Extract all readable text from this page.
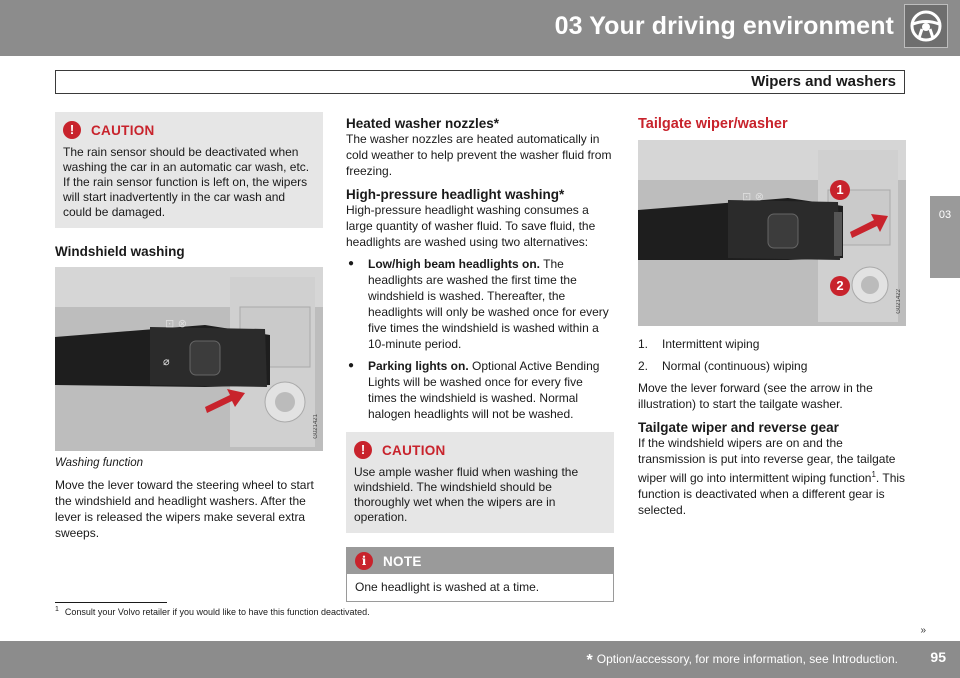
03 Your driving environment
Wipers and washers
03
!	CAUTION
The rain sensor should be deactivated when washing the car in an automatic car wash, etc. If the rain sensor function is left on, the wipers will start inadvertently in the car wash and could be damaged.
Windshield washing
⌀
⊡ ⊗
G021421
Washing function

Move the lever toward the steering wheel to start the windshield and headlight washers. After the lever is released the wipers make several extra sweeps.

Heated washer nozzles*

The washer nozzles are heated automatically in cold weather to help prevent the washer fluid from freezing.

High-pressure headlight washing*

High-pressure headlight washing consumes a large quantity of washer fluid. To save fluid, the headlights are washed using two alternatives:

● Low/high beam headlights on. The headlights are washed the first time the windshield is washed. Thereafter, the headlights will only be washed once for every five times the windshield is washed within a 10-minute period.
● Parking lights on. Optional Active Bending Lights will be washed once for every five times the windshield is washed. Normal halogen headlights will not be washed.
!	CAUTION
Use ample washer fluid when washing the windshield. The windshield should be thoroughly wet when the wipers are in operation.
i	NOTE
One headlight is washed at a time.
Tailgate wiper/washer
⊡ ⊗	1
2
G021422
1.	Intermittent wiping
2.	Normal (continuous) wiping

Move the lever forward (see the arrow in the illustration) to start the tailgate washer.

Tailgate wiper and reverse gear

If the windshield wipers are on and the transmission is put into reverse gear, the tailgate wiper will go into intermittent wiping function$^1$. This function is deactivated when a different gear is selected.

$^1$ Consult your Volvo retailer if you would like to have this function deactivated.
»
* Option/accessory, for more information, see Introduction. 95
